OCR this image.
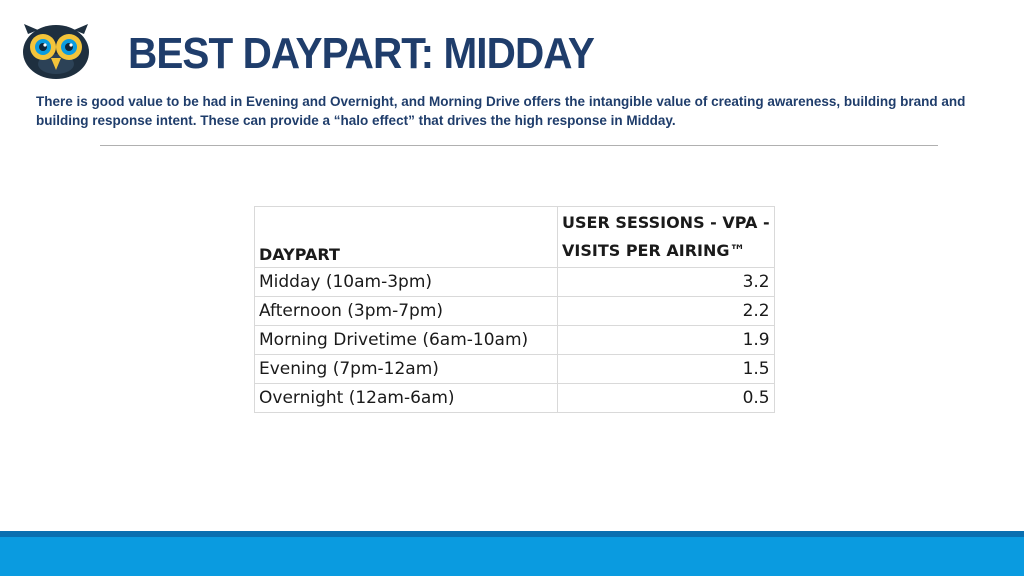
BEST DAYPART: MIDDAY

There is good value to be had in Evening and Overnight, and Morning Drive offers the intangible value of creating awareness, building brand and building response intent. These can provide a “halo effect” that drives the high response in Midday.

DAYPART	USER SESSIONS - VPA -
VISITS PER AIRING™
Midday (10am-3pm)	3.2
Afternoon (3pm-7pm)	2.2
Morning Drivetime (6am-10am)	1.9
Evening (7pm-12am)	1.5
Overnight (12am-6am)	0.5
